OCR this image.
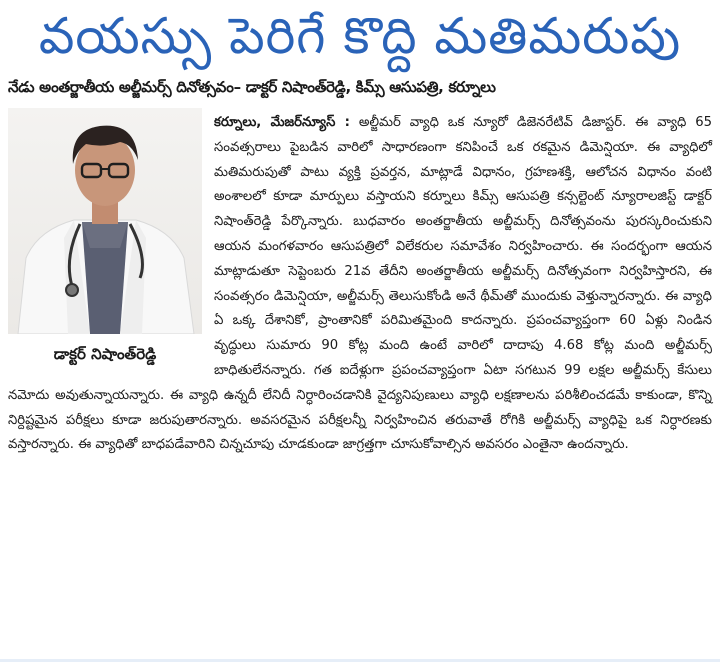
వయస్సు పెరిగే కొద్ది మతిమరుపు
నేడు అంతర్జాతీయ అల్జీమర్స్ దినోత్సవం– డాక్టర్ నిషాంత్‌రెడ్డి, కిమ్స్ ఆసుపత్రి, కర్నూలు
డాక్టర్ నిషాంత్‌రెడ్డి
కర్నూలు, మేజర్‌న్యూస్ : అల్జీమర్ వ్యాధి ఒక న్యూరో డిజెనరేటివ్ డిజాస్టర్. ఈ వ్యాధి 65 సంవత్సరాలు పైబడిన వారిలో సాధారణంగా కనిపించే ఒక రకమైన డిమెన్షియా. ఈ వ్యాధిలో మతిమరుపుతో పాటు వ్యక్తి ప్రవర్తన, మాట్లాడే విధానం, గ్రహణశక్తి, ఆలోచన విధానం వంటి అంశాలలో కూడా మార్పులు వస్తాయని కర్నూలు కిమ్స్ ఆసుపత్రి కన్సల్టెంట్ న్యూరాలజిస్ట్ డాక్టర్ నిషాంత్‌రెడ్డి పేర్కొన్నారు. బుధవారం అంతర్జాతీయ అల్జీమర్స్ దినోత్సవంను పురస్కరించుకుని ఆయన మంగళవారం ఆసుపత్రిలో విలేకరుల సమావేశం నిర్వహించారు. ఈ సందర్భంగా ఆయన మాట్లాడుతూ సెప్టెంబరు 21వ తేదీని అంతర్జాతీయ అల్జీమర్స్ దినోత్సవంగా నిర్వహిస్తారని, ఈ సంవత్సరం డిమెన్షియా, అల్జీమర్స్ తెలుసుకోండి అనే థీమ్‌తో ముందుకు వెళ్తున్నారన్నారు. ఈ వ్యాధి ఏ ఒక్క దేశానికో, ప్రాంతానికో పరిమితమైంది కాదన్నారు. ప్రపంచవ్యాప్తంగా 60 ఏళ్లు నిండిన వృద్ధులు సుమారు 90 కోట్ల మంది ఉంటే వారిలో దాదాపు 4.68 కోట్ల మంది అల్జీమర్స్ బాధితులేనన్నారు. గత ఐదేళ్లుగా ప్రపంచవ్యాప్తంగా ఏటా సగటున 99 లక్షల అల్జీమర్స్ కేసులు నమోదు అవుతున్నాయన్నారు. ఈ వ్యాధి ఉన్నదీ లేనిదీ నిర్ధారించడానికి వైద్యనిపుణులు వ్యాధి లక్షణాలను పరిశీలించడమే కాకుండా, కొన్ని నిర్దిష్టమైన పరీక్షలు కూడా జరుపుతారన్నారు. అవసరమైన పరీక్షలన్నీ నిర్వహించిన తరువాతే రోగికి అల్జీమర్స్ వ్యాధిపై ఒక నిర్ధారణకు వస్తారన్నారు. ఈ వ్యాధితో బాధపడేవారిని చిన్నచూపు చూడకుండా జాగ్రత్తగా చూసుకోవాల్సిన అవసరం ఎంతైనా ఉందన్నారు.
